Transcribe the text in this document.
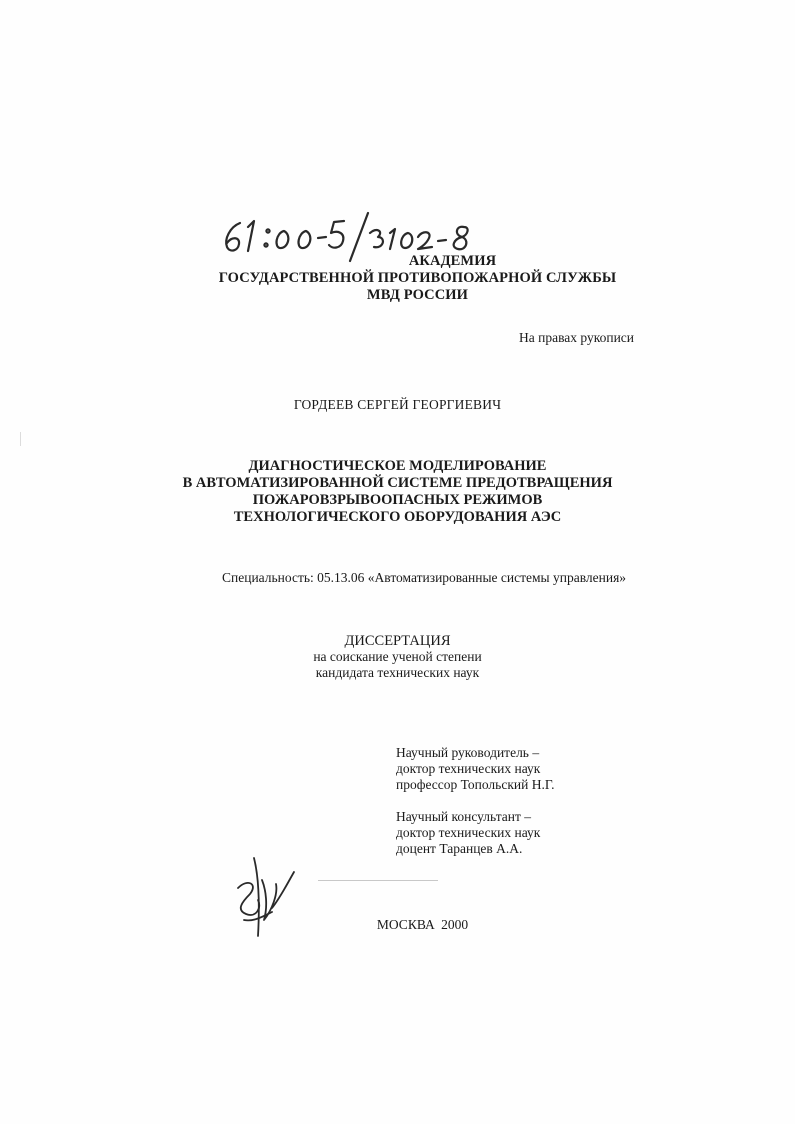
АКАДЕМИЯ
ГОСУДАРСТВЕННОЙ ПРОТИВОПОЖАРНОЙ СЛУЖБЫ
МВД РОССИИ
На правах рукописи
ГОРДЕЕВ СЕРГЕЙ ГЕОРГИЕВИЧ
ДИАГНОСТИЧЕСКОЕ МОДЕЛИРОВАНИЕ
В АВТОМАТИЗИРОВАННОЙ СИСТЕМЕ ПРЕДОТВРАЩЕНИЯ
ПОЖАРОВЗРЫВООПАСНЫХ РЕЖИМОВ
ТЕХНОЛОГИЧЕСКОГО ОБОРУДОВАНИЯ АЭС
Специальность: 05.13.06 «Автоматизированные системы управления»
ДИССЕРТАЦИЯ
на соискание ученой степени
кандидата технических наук
Научный руководитель –
доктор технических наук
профессор Топольский Н.Г.
Научный консультант –
доктор технических наук
доцент Таранцев А.А.
МОСКВА 2000
